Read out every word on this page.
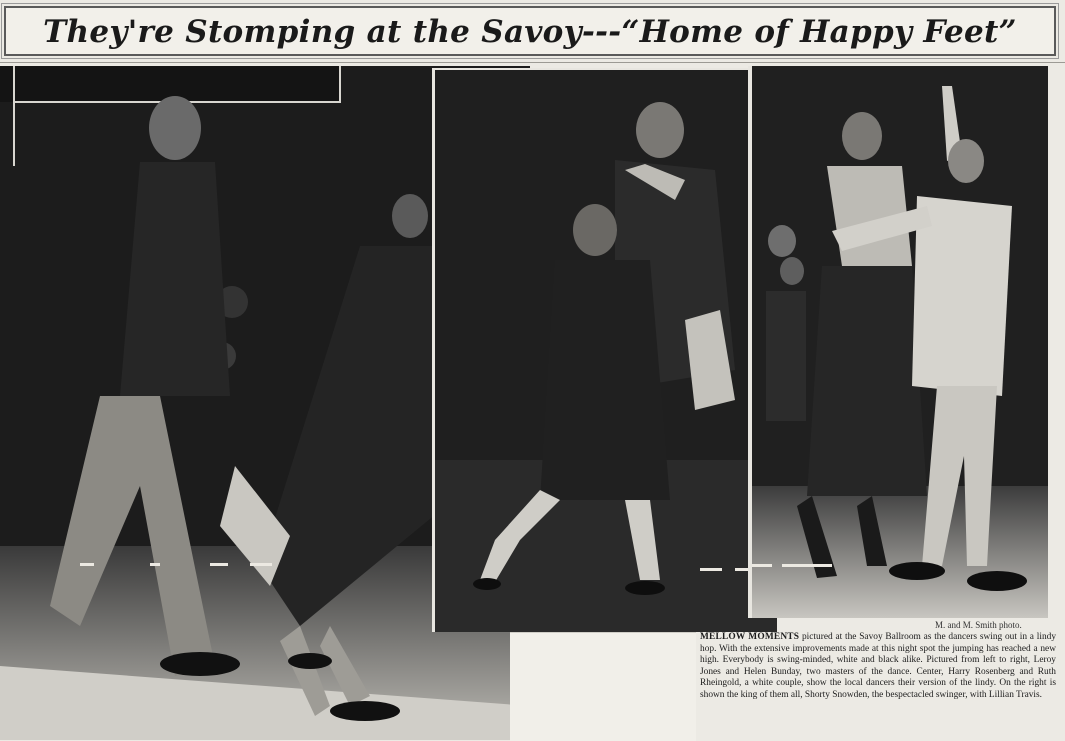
They're Stomping at the Savoy---“Home of Happy Feet”
M. and M. Smith photo.
MELLOW MOMENTS pictured at the Savoy Ballroom as the dancers swing out in a lindy hop. With the extensive improvements made at this night spot the jumping has reached a new high. Everybody is swing-minded, white and black alike. Pictured from left to right, Leroy Jones and Helen Bunday, two masters of the dance. Center, Harry Rosenberg and Ruth Rheingold, a white couple, show the local dancers their version of the lindy. On the right is shown the king of them all, Shorty Snowden, the bespectacled swinger, with Lillian Travis.
